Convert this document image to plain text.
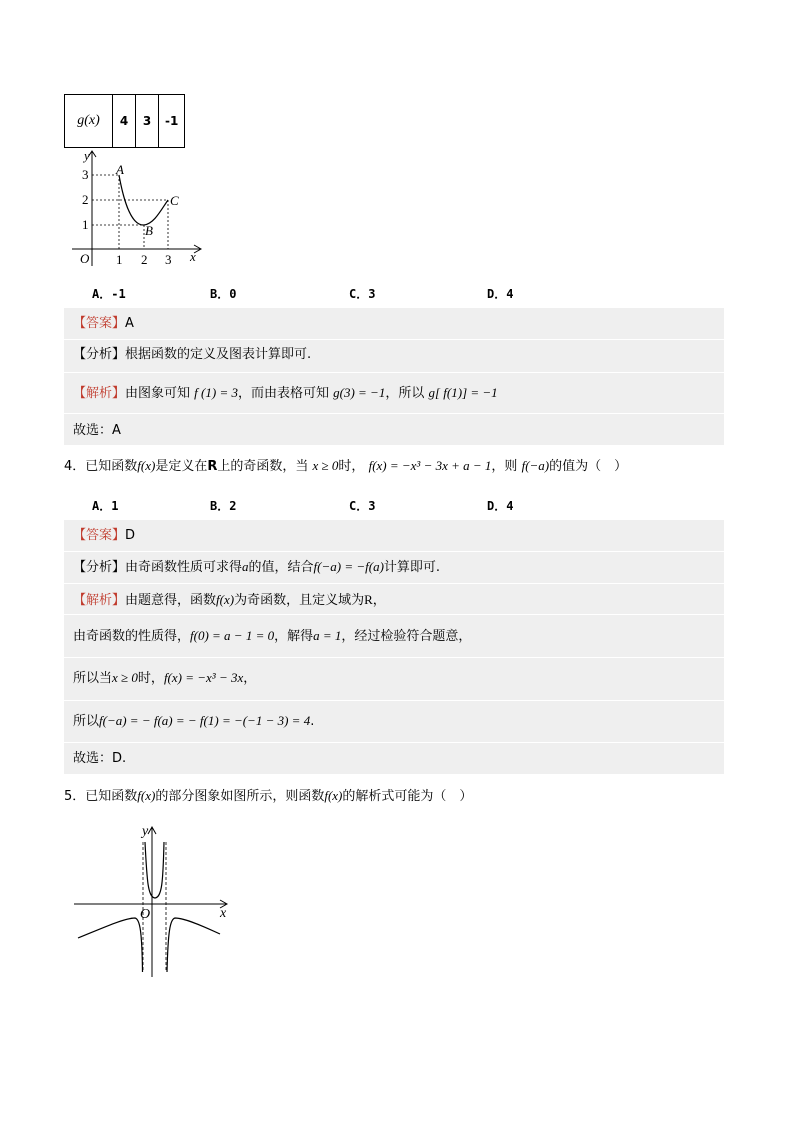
g(x)	4	3	-1
y
x
O 1 2 3
1
2
3 A
B
C
A．-1	B．0	C．3	D．4
【答案】A
【分析】根据函数的定义及图表计算即可.
【解析】由图象可知 f (1) = 3，而由表格可知 g(3) = −1，所以 g[ f(1)] = −1
故选：A
4．已知函数f(x)是定义在R上的奇函数，当 x ≥ 0时， f(x) = −x³ − 3x + a − 1，则 f(−a)的值为（　）
A．1	B．2	C．3	D．4
【答案】D
【分析】由奇函数性质可求得a的值，结合f(−a) = −f(a)计算即可.
【解析】由题意得，函数f(x)为奇函数，且定义域为R，
由奇函数的性质得，f(0) = a − 1 = 0，解得a = 1，经过检验符合题意，
所以当x ≥ 0时，f(x) = −x³ − 3x，
所以f(−a) = − f(a) = − f(1) = −(−1 − 3) = 4.
故选：D.
5．已知函数f(x)的部分图象如图所示，则函数f(x)的解析式可能为（　）
y
x
O
